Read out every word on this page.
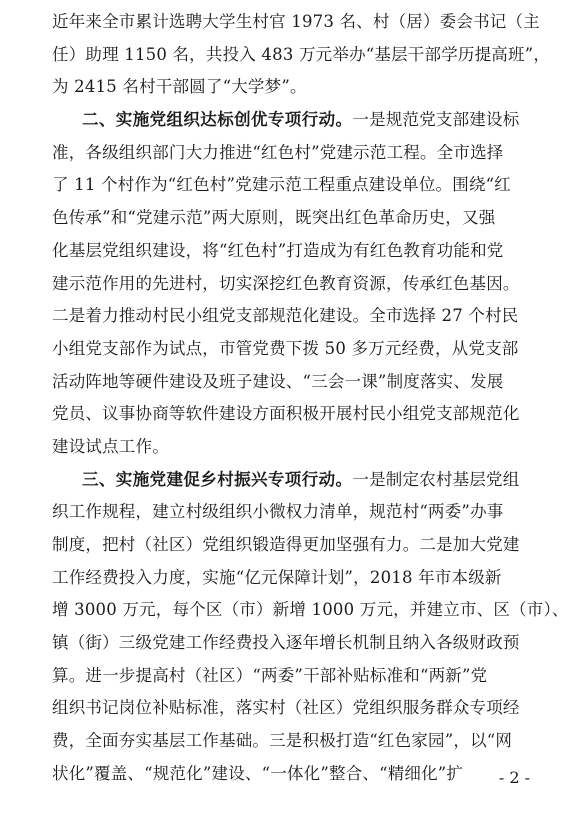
近年来全市累计选聘大学生村官 1973 名、村（居）委会书记（主
任）助理 1150 名，共投入 483 万元举办“基层干部学历提高班”，
为 2415 名村干部圆了“大学梦”。
二、实施党组织达标创优专项行动。一是规范党支部建设标
准，各级组织部门大力推进“红色村”党建示范工程。全市选择
了 11 个村作为“红色村”党建示范工程重点建设单位。围绕“红
色传承”和“党建示范”两大原则，既突出红色革命历史，又强
化基层党组织建设，将“红色村”打造成为有红色教育功能和党
建示范作用的先进村，切实深挖红色教育资源，传承红色基因。
二是着力推动村民小组党支部规范化建设。全市选择 27 个村民
小组党支部作为试点，市管党费下拨 50 多万元经费，从党支部
活动阵地等硬件建设及班子建设、“三会一课”制度落实、发展
党员、议事协商等软件建设方面积极开展村民小组党支部规范化
建设试点工作。
三、实施党建促乡村振兴专项行动。一是制定农村基层党组
织工作规程，建立村级组织小微权力清单，规范村“两委”办事
制度，把村（社区）党组织锻造得更加坚强有力。二是加大党建
工作经费投入力度，实施“亿元保障计划”，2018 年市本级新
增 3000 万元，每个区（市）新增 1000 万元，并建立市、区（市）、
镇（街）三级党建工作经费投入逐年增长机制且纳入各级财政预
算。进一步提高村（社区）“两委”干部补贴标准和“两新”党
组织书记岗位补贴标准，落实村（社区）党组织服务群众专项经
费，全面夯实基层工作基础。三是积极打造“红色家园”，以“网
状化”覆盖、“规范化”建设、“一体化”整合、“精细化”扩	- 2 -
